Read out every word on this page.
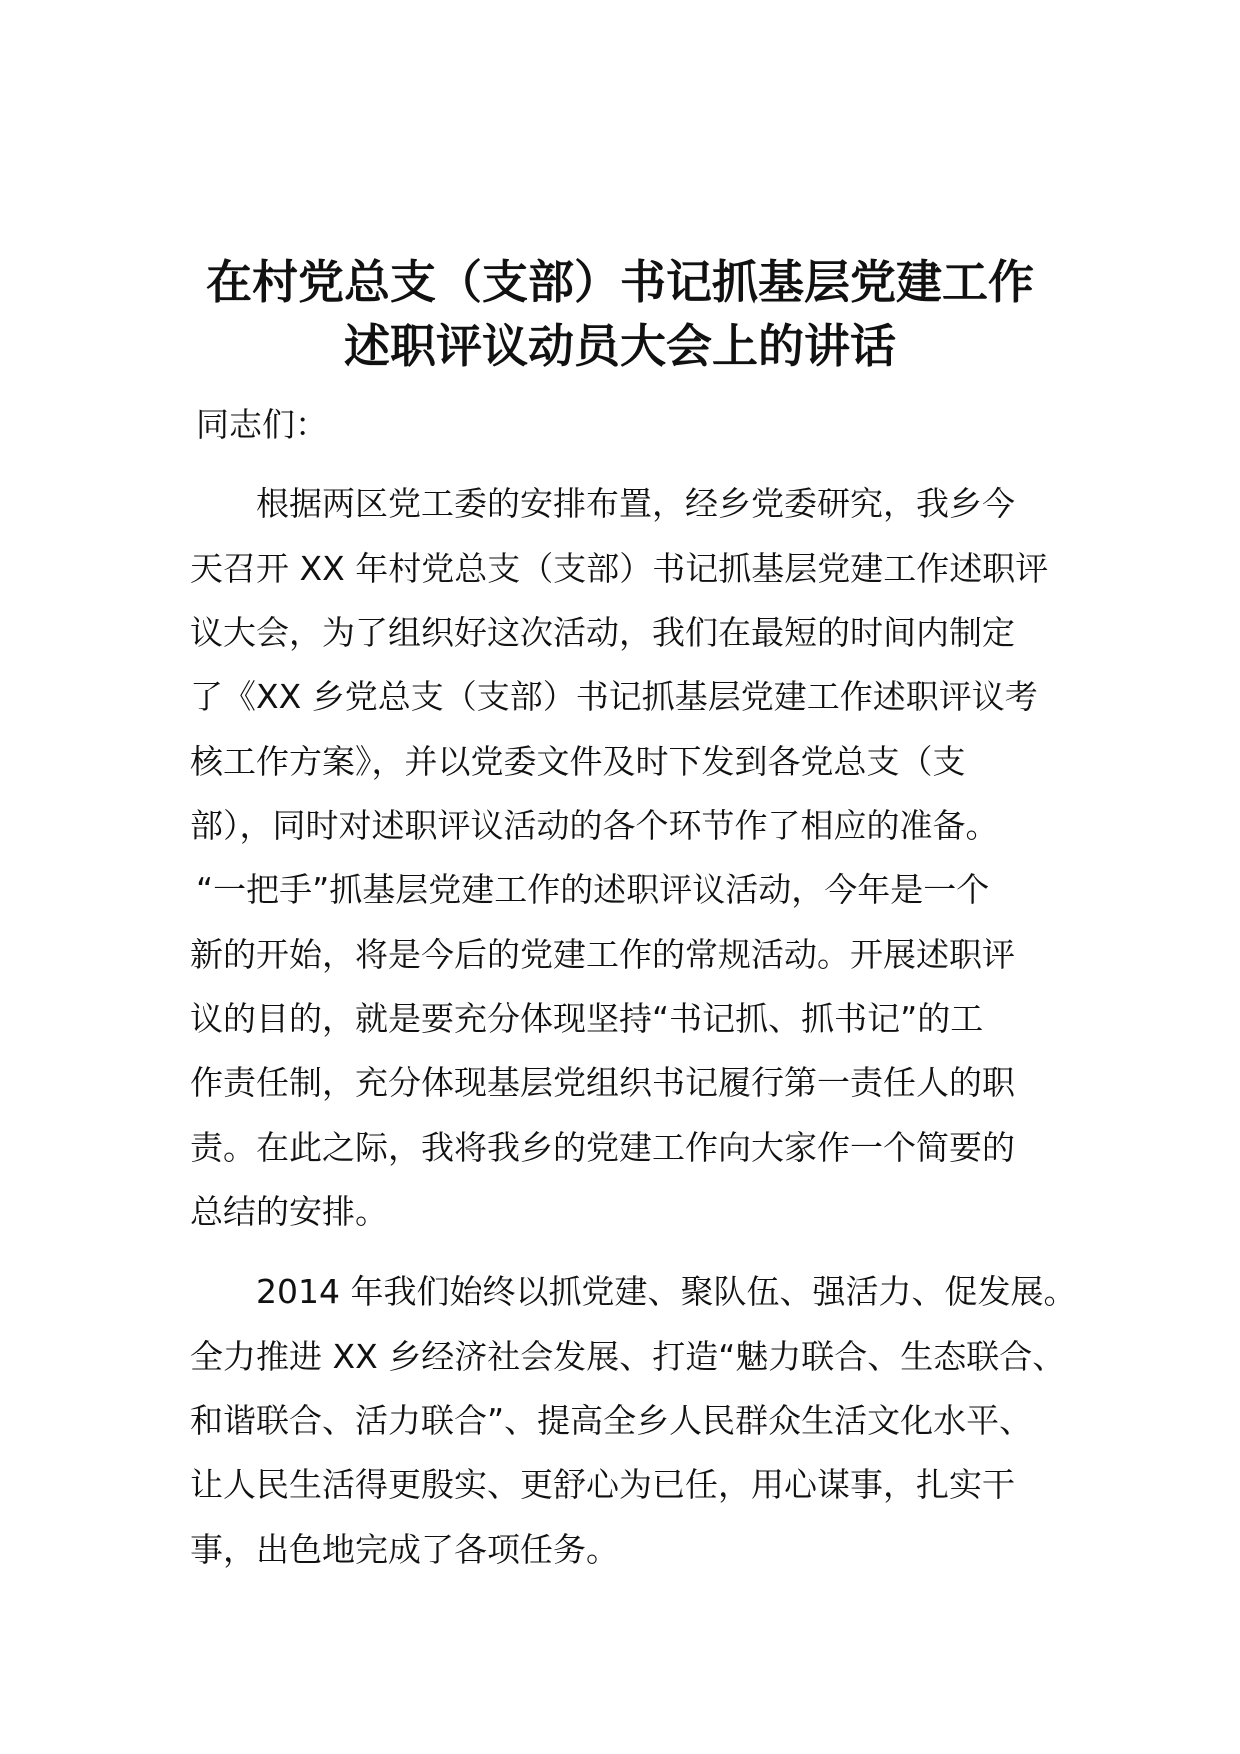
在村党总支（支部）书记抓基层党建工作
述职评议动员大会上的讲话
同志们：
根据两区党工委的安排布置，经乡党委研究，我乡今
天召开 XX 年村党总支（支部）书记抓基层党建工作述职评
议大会，为了组织好这次活动，我们在最短的时间内制定
了《XX 乡党总支（支部）书记抓基层党建工作述职评议考
核工作方案》，并以党委文件及时下发到各党总支（支
部），同时对述职评议活动的各个环节作了相应的准备。
“一把手”抓基层党建工作的述职评议活动，今年是一个
新的开始，将是今后的党建工作的常规活动。开展述职评
议的目的，就是要充分体现坚持“书记抓、抓书记”的工
作责任制，充分体现基层党组织书记履行第一责任人的职
责。在此之际，我将我乡的党建工作向大家作一个简要的
总结的安排。
2014 年我们始终以抓党建、聚队伍、强活力、促发展。
全力推进 XX 乡经济社会发展、打造“魅力联合、生态联合、
和谐联合、活力联合”、提高全乡人民群众生活文化水平、
让人民生活得更殷实、更舒心为已任，用心谋事，扎实干
事，出色地完成了各项任务。
